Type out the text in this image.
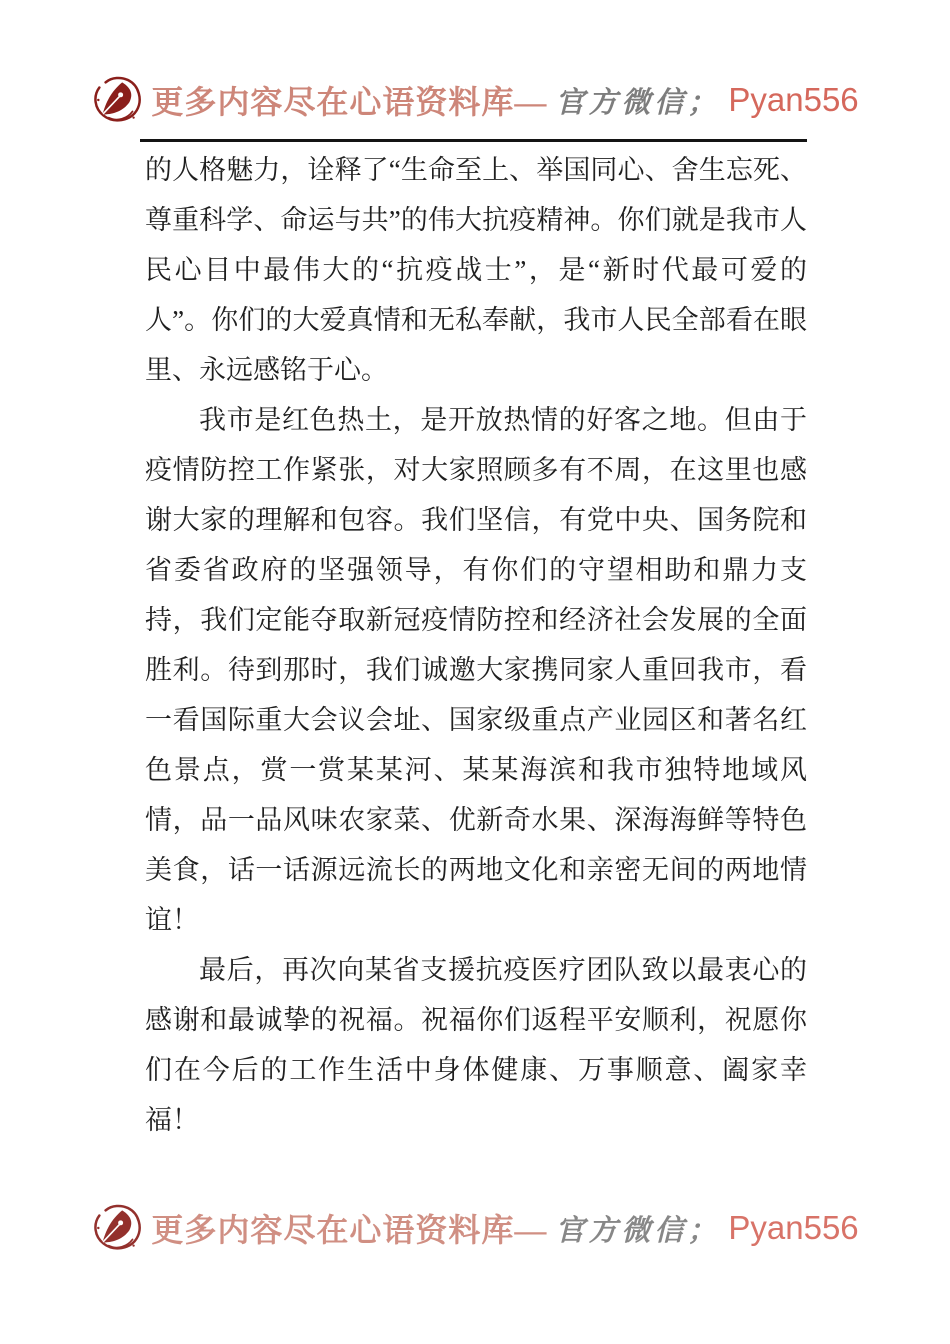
更多内容尽在心语资料库— 官方微信； Pyan556

的人格魅力，诠释了“生命至上、举国同心、舍生忘死、尊重科学、命运与共”的伟大抗疫精神。你们就是我市人民心目中最伟大的“抗疫战士”，是“新时代最可爱的人”。你们的大爱真情和无私奉献，我市人民全部看在眼里、永远感铭于心。

我市是红色热土，是开放热情的好客之地。但由于疫情防控工作紧张，对大家照顾多有不周，在这里也感谢大家的理解和包容。我们坚信，有党中央、国务院和省委省政府的坚强领导，有你们的守望相助和鼎力支持，我们定能夺取新冠疫情防控和经济社会发展的全面胜利。待到那时，我们诚邀大家携同家人重回我市，看一看国际重大会议会址、国家级重点产业园区和著名红色景点，赏一赏某某河、某某海滨和我市独特地域风情，品一品风味农家菜、优新奇水果、深海海鲜等特色美食，话一话源远流长的两地文化和亲密无间的两地情谊！

最后，再次向某省支援抗疫医疗团队致以最衷心的感谢和最诚挚的祝福。祝福你们返程平安顺利，祝愿你们在今后的工作生活中身体健康、万事顺意、阖家幸福！

更多内容尽在心语资料库— 官方微信； Pyan556
